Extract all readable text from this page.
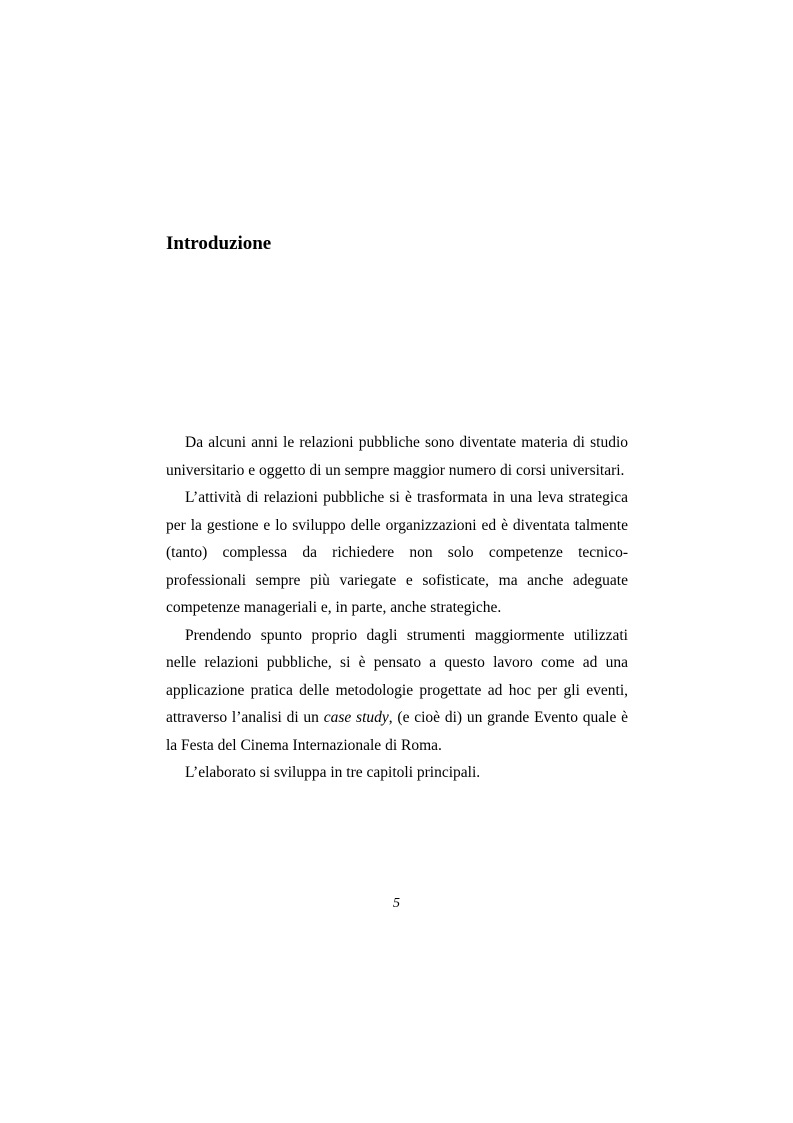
Introduzione

Da alcuni anni le relazioni pubbliche sono diventate materia di studio universitario e oggetto di un sempre maggior numero di corsi universitari.

L’attività di relazioni pubbliche si è trasformata in una leva strategica per la gestione e lo sviluppo delle organizzazioni ed è diventata talmente (tanto) complessa da richiedere non solo competenze tecnico- professionali sempre più variegate e sofisticate, ma anche adeguate competenze manageriali e, in parte, anche strategiche.

Prendendo spunto proprio dagli strumenti maggiormente utilizzati nelle relazioni pubbliche, si è pensato a questo lavoro come ad una applicazione pratica delle metodologie progettate ad hoc per gli eventi, attraverso l’analisi di un case study, (e cioè di) un grande Evento quale è la Festa del Cinema Internazionale di Roma.

L’elaborato si sviluppa in tre capitoli principali.

5
